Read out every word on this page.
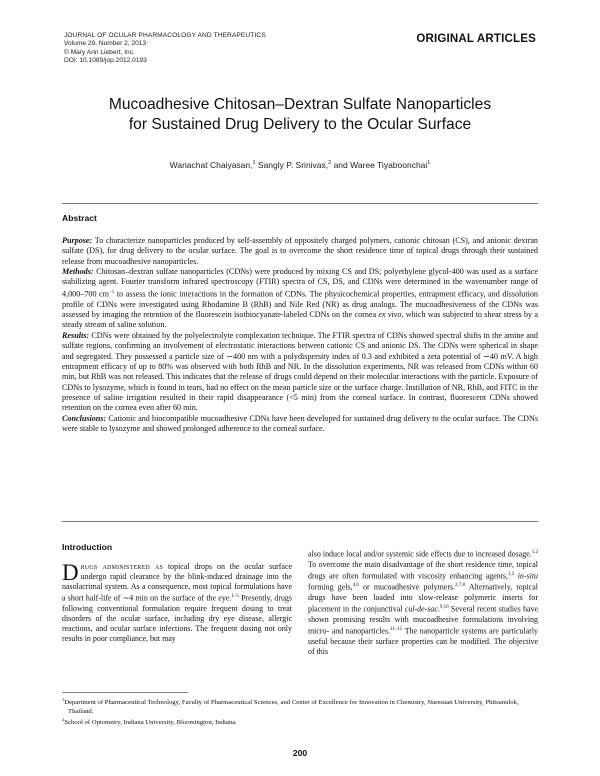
JOURNAL OF OCULAR PHARMACOLOGY AND THERAPEUTICS
Volume 29, Number 2, 2013
© Mary Ann Liebert, Inc.
DOI: 10.1089/jop.2012.0193
ORIGINAL ARTICLES
Mucoadhesive Chitosan–Dextran Sulfate Nanoparticles
for Sustained Drug Delivery to the Ocular Surface
Wanachat Chaiyasan,$^1$ Sangly P. Srinivas,$^2$ and Waree Tiyaboonchai$^1$
Abstract

Purpose: To characterize nanoparticles produced by self-assembly of oppositely charged polymers, cationic chitosan (CS), and anionic dextran sulfate (DS), for drug delivery to the ocular surface. The goal is to overcome the short residence time of topical drugs through their sustained release from mucoadhesive nanoparticles.

Methods: Chitosan–dextran sulfate nanoparticles (CDNs) were produced by mixing CS and DS; polyethylene glycol-400 was used as a surface stabilizing agent. Fourier transform infrared spectroscopy (FTIR) spectra of CS, DS, and CDNs were determined in the wavenumber range of 4,000–700 $cm^{-1}$ to assess the ionic interactions in the formation of CDNs. The physicochemical properties, entrapment efficacy, and dissolution profile of CDNs were investigated using Rhodamine B (RhB) and Nile Red (NR) as drug analogs. The mucoadhesiveness of the CDNs was assessed by imaging the retention of the fluorescein isothiocyanate-labeled CDNs on the cornea ex vivo, which was subjected to shear stress by a steady stream of saline solution.

Results: CDNs were obtained by the polyelectrolyte complexation technique. The FTIR spectra of CDNs showed spectral shifts in the amine and sulfate regions, confirming an involvement of electrostatic interactions between cationic CS and anionic DS. The CDNs were spherical in shape and segregated. They possessed a particle size of ∼400 nm with a polydispersity index of 0.3 and exhibited a zeta potential of ∼40 mV. A high entrapment efficacy of up to 80% was observed with both RhB and NR. In the dissolution experiments, NR was released from CDNs within 60 min, but RhB was not released. This indicates that the release of drugs could depend on their molecular interactions with the particle. Exposure of CDNs to lysozyme, which is found in tears, had no effect on the mean particle size or the surface charge. Instillation of NR, RhB, and FITC in the presence of saline irrigation resulted in their rapid disappearance (<5 min) from the corneal surface. In contrast, fluorescent CDNs showed retention on the cornea even after 60 min.

Conclusions: Cationic and biocompatible mucoadhesive CDNs have been developed for sustained drug delivery to the ocular surface. The CDNs were stable to lysozyme and showed prolonged adherence to the corneal surface.

Introduction

Drugs administered as topical drops on the ocular surface undergo rapid clearance by the blink-induced drainage into the nasolacrimal system. As a consequence, most topical formulations have a short half-life of ∼4 min on the surface of the eye.$^{1-5}$ Presently, drugs following conventional formulation require frequent dosing to treat disorders of the ocular surface, including dry eye disease, allergic reactions, and ocular surface infections. The frequent dosing not only results in poor compliance, but may

also induce local and/or systemic side effects due to increased dosage.$^{1,2}$ To overcome the main disadvantage of the short residence time, topical drugs are often formulated with viscosity enhancing agents,$^{1,2}$ in-situ forming gels,$^{4,6}$ or mucoadhesive polymers.$^{2,7,8}$ Alternatively, topical drugs have been loaded into slow-release polymeric inserts for placement in the conjunctival cul-de-sac.$^{9,10}$ Several recent studies have shown promising results with mucoadhesive formulations involving micro- and nanoparticles.$^{11-15}$ The nanoparticle systems are particularly useful because their surface properties can be modified. The objective of this

$^1$Department of Pharmaceutical Technology, Faculty of Pharmaceutical Sciences, and Center of Excellence for Innovation in Chemistry, Naresuan University, Phitsanulok, Thailand.
$^2$School of Optometry, Indiana University, Bloomington, Indiana.
200
